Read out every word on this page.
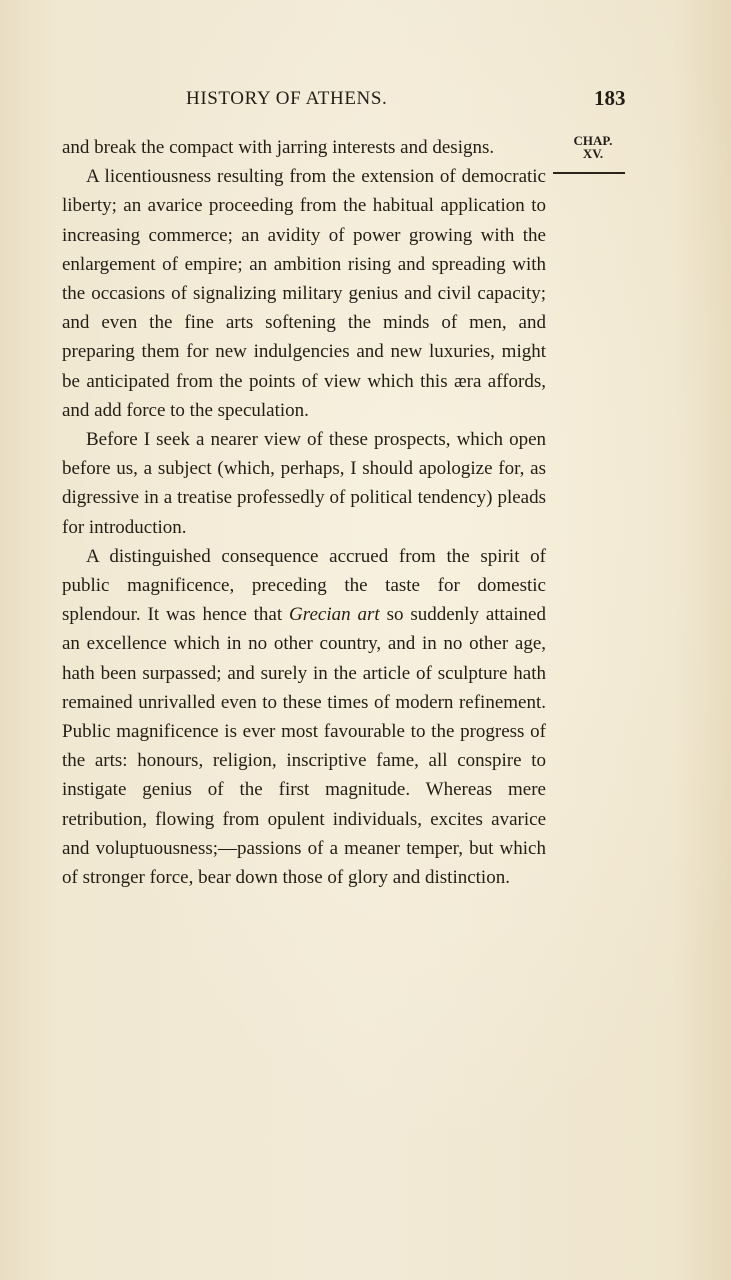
HISTORY OF ATHENS.	183
CHAP.
XV.

and break the compact with jarring interests and designs.

A licentiousness resulting from the extension of democratic liberty; an avarice proceeding from the habitual application to increasing commerce; an avidity of power growing with the enlargement of empire; an ambition rising and spreading with the occasions of signalizing military genius and civil capacity; and even the fine arts softening the minds of men, and preparing them for new indulgencies and new luxuries, might be anticipated from the points of view which this æra affords, and add force to the speculation.

Before I seek a nearer view of these prospects, which open before us, a subject (which, perhaps, I should apologize for, as digressive in a treatise professedly of political tendency) pleads for introduction.

A distinguished consequence accrued from the spirit of public magnificence, preceding the taste for domestic splendour. It was hence that Grecian art so suddenly attained an excellence which in no other country, and in no other age, hath been surpassed; and surely in the article of sculpture hath remained unrivalled even to these times of modern refinement. Public magnificence is ever most favourable to the progress of the arts: honours, religion, inscriptive fame, all conspire to instigate genius of the first magnitude. Whereas mere retribution, flowing from opulent individuals, excites avarice and voluptuousness;—passions of a meaner temper, but which of stronger force, bear down those of glory and distinction.
